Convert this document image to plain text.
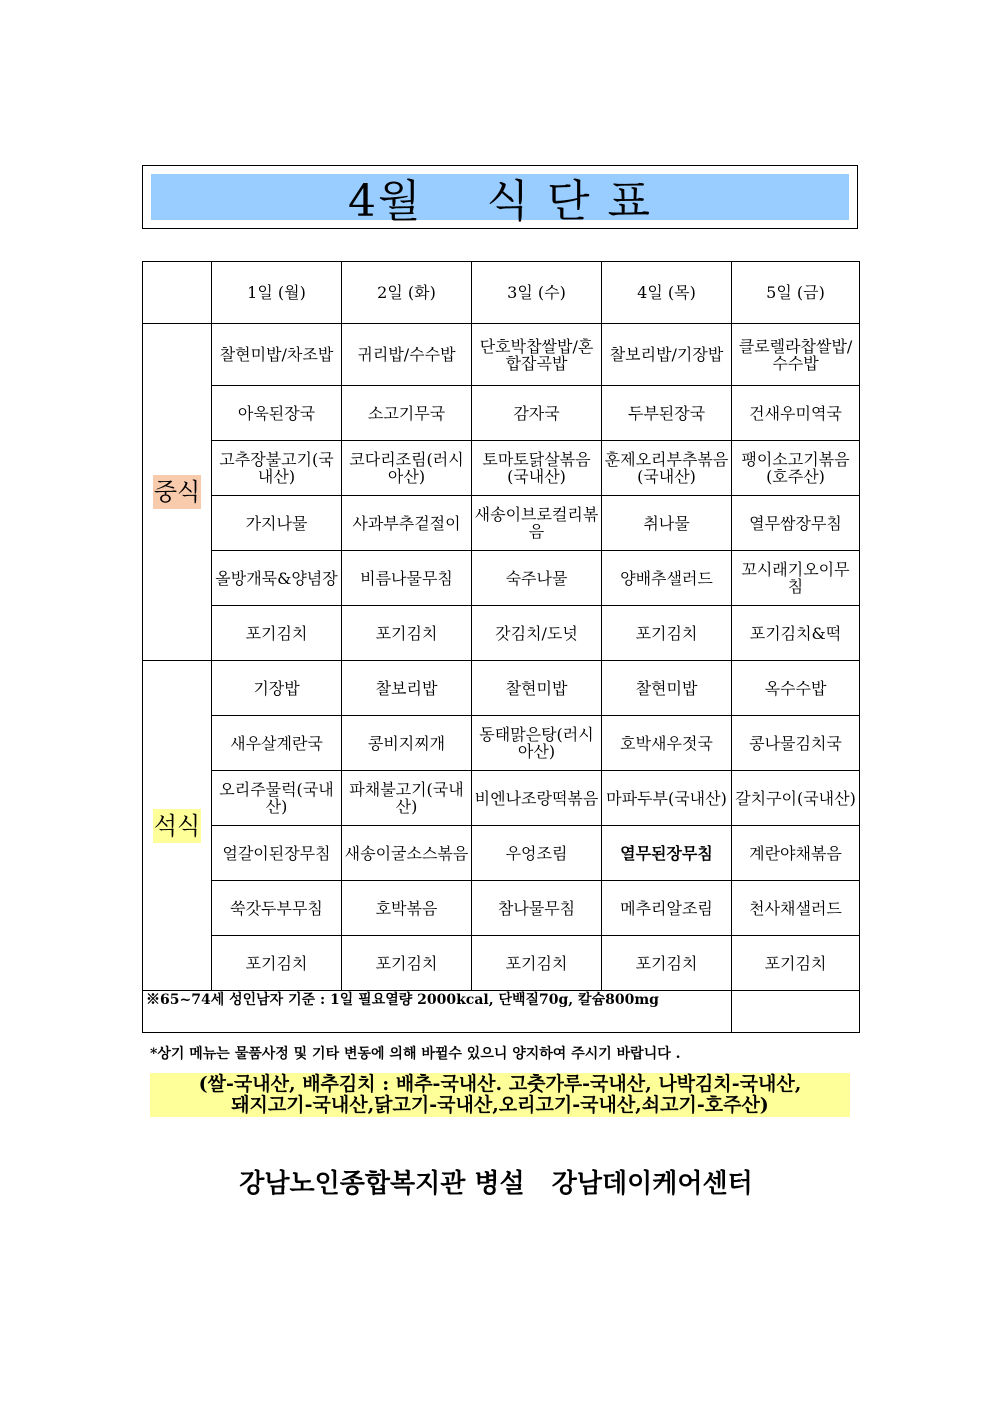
4월    식 단 표
	1일 (월)	2일 (화)	3일 (수)	4일 (목)	5일 (금)
중식	찰현미밥/차조밥	귀리밥/수수밥	단호박찹쌀밥/혼합잡곡밥	찰보리밥/기장밥	클로렐라찹쌀밥/수수밥
	아욱된장국	소고기무국	감자국	두부된장국	건새우미역국
	고추장불고기(국내산)	코다리조림(러시아산)	토마토닭살볶음(국내산)	훈제오리부추볶음(국내산)	팽이소고기볶음(호주산)
	가지나물	사과부추겉절이	새송이브로컬리볶음	취나물	열무쌈장무침
	올방개묵&양념장	비름나물무침	숙주나물	양배추샐러드	꼬시래기오이무침
	포기김치	포기김치	갓김치/도넛	포기김치	포기김치&떡
석식	기장밥	찰보리밥	찰현미밥	찰현미밥	옥수수밥
	새우살계란국	콩비지찌개	동태맑은탕(러시아산)	호박새우젓국	콩나물김치국
	오리주물럭(국내산)	파채불고기(국내산)	비엔나조랑떡볶음	마파두부(국내산)	갈치구이(국내산)
	얼갈이된장무침	새송이굴소스볶음	우엉조림	열무된장무침	계란야채볶음
	쑥갓두부무침	호박볶음	참나물무침	메추리알조림	천사채샐러드
	포기김치	포기김치	포기김치	포기김치	포기김치
※65~74세 성인남자 기준 : 1일 필요열량 2000kcal, 단백질70g, 칼슘800mg					
*상기 메뉴는 물품사정 및 기타 변동에 의해 바뀔수 있으니 양지하여 주시기 바랍니다 .
(쌀-국내산, 배추김치 : 배추-국내산. 고춧가루-국내산, 나박김치-국내산,
돼지고기-국내산,닭고기-국내산,오리고기-국내산,쇠고기-호주산)
강남노인종합복지관 병설   강남데이케어센터
